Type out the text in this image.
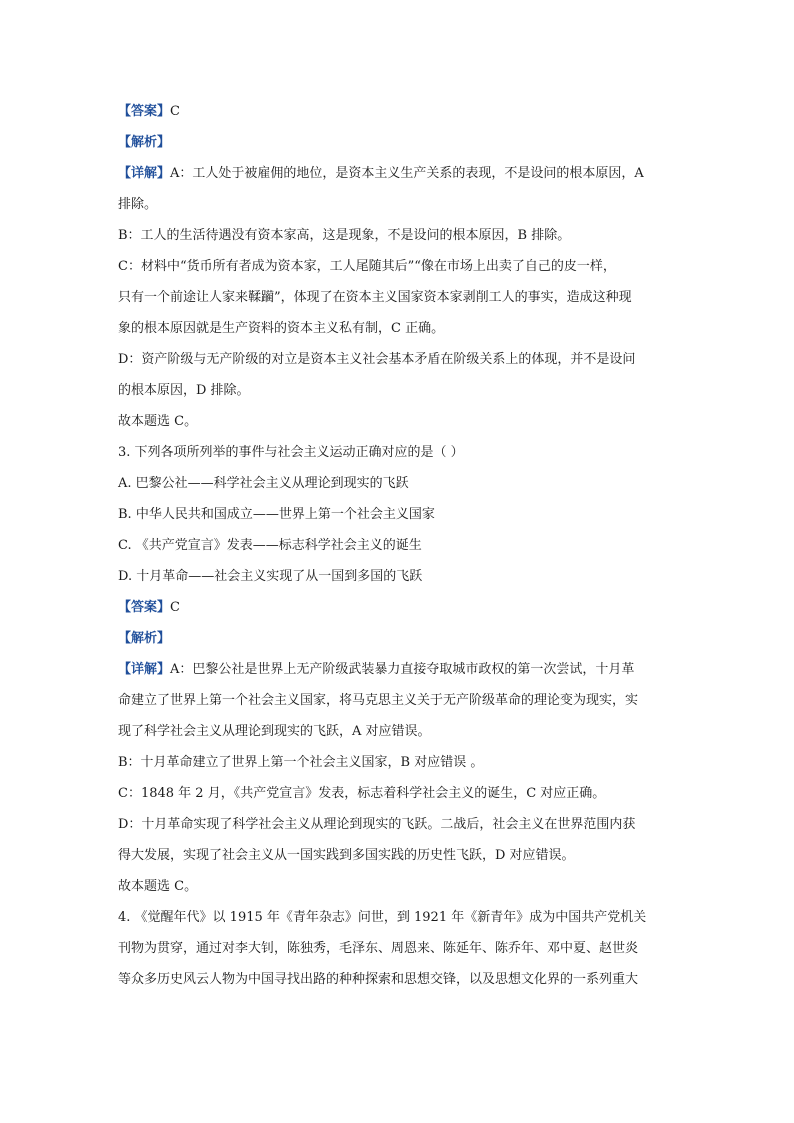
【答案】C
【解析】
【详解】A：工人处于被雇佣的地位，是资本主义生产关系的表现，不是设问的根本原因，A
排除。
B：工人的生活待遇没有资本家高，这是现象，不是设问的根本原因，B 排除。
C：材料中“货币所有者成为资本家，工人尾随其后”“像在市场上出卖了自己的皮一样，
只有一个前途让人家来鞣躏”，体现了在资本主义国家资本家剥削工人的事实，造成这种现
象的根本原因就是生产资料的资本主义私有制，C 正确。
D：资产阶级与无产阶级的对立是资本主义社会基本矛盾在阶级关系上的体现，并不是设问
的根本原因，D 排除。
故本题选 C。
3. 下列各项所列举的事件与社会主义运动正确对应的是（ ）
A. 巴黎公社——科学社会主义从理论到现实的飞跃
B. 中华人民共和国成立——世界上第一个社会主义国家
C. 《共产党宣言》发表——标志科学社会主义的诞生
D. 十月革命——社会主义实现了从一国到多国的飞跃
【答案】C
【解析】
【详解】A：巴黎公社是世界上无产阶级武装暴力直接夺取城市政权的第一次尝试，十月革
命建立了世界上第一个社会主义国家，将马克思主义关于无产阶级革命的理论变为现实，实
现了科学社会主义从理论到现实的飞跃，A 对应错误。
B：十月革命建立了世界上第一个社会主义国家，B 对应错误 。
C：1848 年 2 月，《共产党宣言》发表，标志着科学社会主义的诞生，C 对应正确。
D：十月革命实现了科学社会主义从理论到现实的飞跃。二战后，社会主义在世界范围内获
得大发展，实现了社会主义从一国实践到多国实践的历史性飞跃，D 对应错误。
故本题选 C。
4. 《觉醒年代》以 1915 年《青年杂志》问世，到 1921 年《新青年》成为中国共产党机关
刊物为贯穿，通过对李大钊，陈独秀，毛泽东、周恩来、陈延年、陈乔年、邓中夏、赵世炎
等众多历史风云人物为中国寻找出路的种种探索和思想交锋，以及思想文化界的一系列重大
